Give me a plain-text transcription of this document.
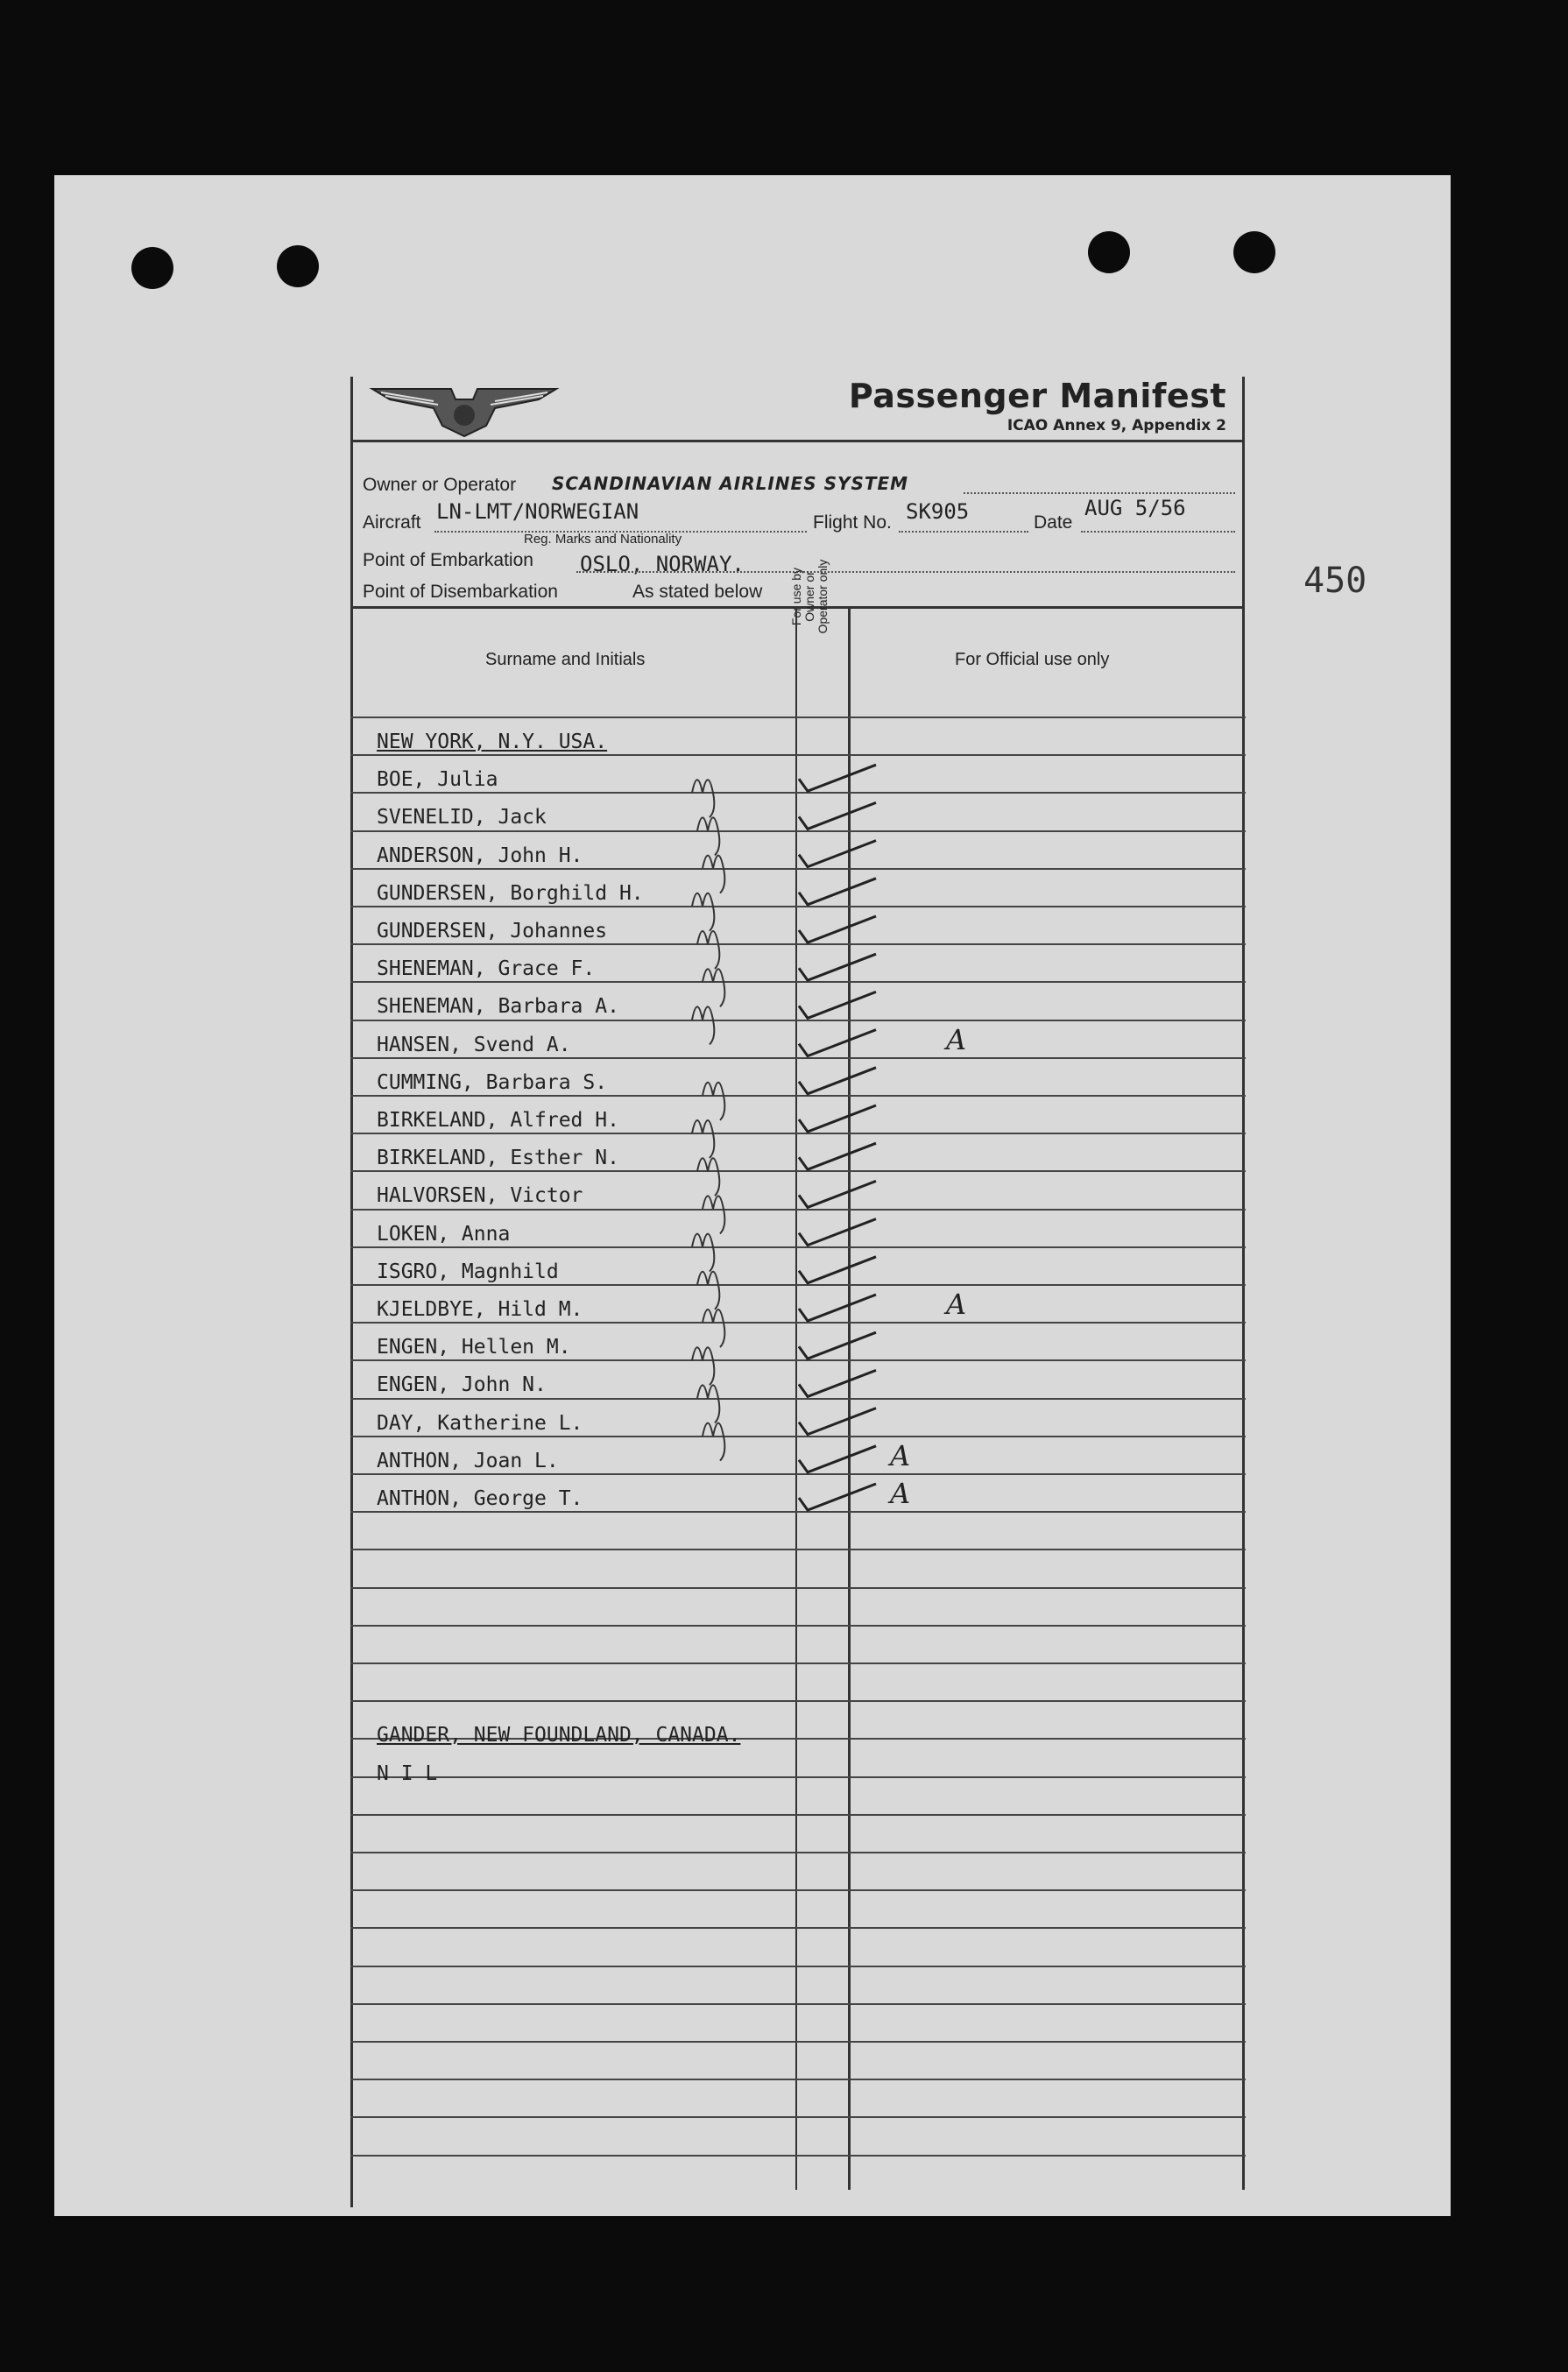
450
Passenger Manifest
ICAO Annex 9, Appendix 2
Owner or Operator SCANDINAVIAN AIRLINES SYSTEM
Aircraft LN-LMT/NORWEGIAN
Reg. Marks and Nationality
Flight No. SK905	Date
AUG 5/56
Point of Embarkation OSLO, NORWAY.
Point of Disembarkation	As stated below
Surname and Initials
For use by Owner or Operator only
For Official use only
NEW YORK, N.Y. USA.
BOE, Julia
SVENELID, Jack
ANDERSON, John H.
GUNDERSEN, Borghild H.
GUNDERSEN, Johannes
SHENEMAN, Grace F.
SHENEMAN, Barbara A.
HANSEN, Svend A.	A
CUMMING, Barbara S.
BIRKELAND, Alfred H.
BIRKELAND, Esther N.
HALVORSEN, Victor
LOKEN, Anna
ISGRO, Magnhild
KJELDBYE, Hild M.	A
ENGEN, Hellen M.
ENGEN, John N.
DAY, Katherine L.
ANTHON, Joan L.	A
ANTHON, George T.	A
GANDER, NEW FOUNDLAND, CANADA.
N I L
